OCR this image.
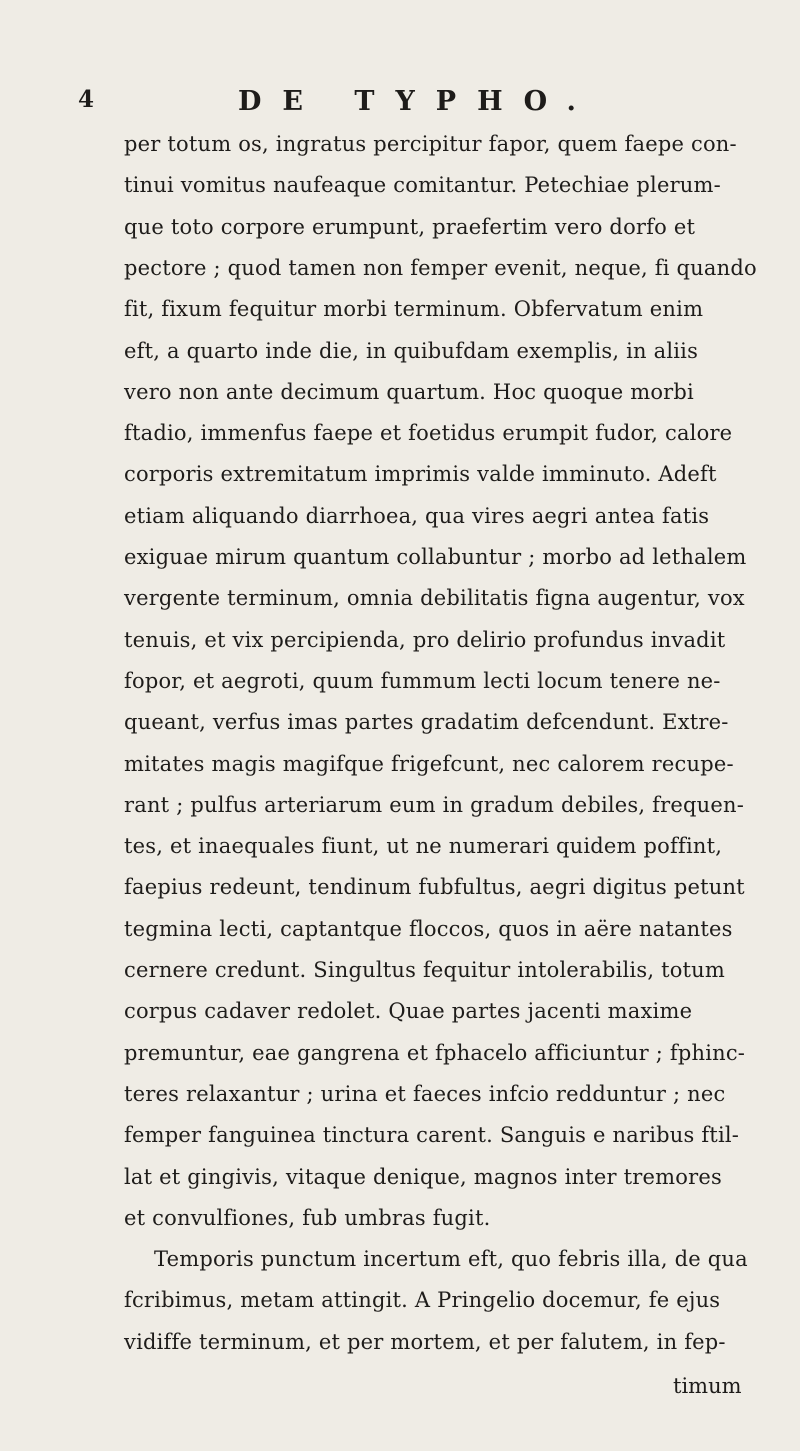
4	DE TYPHO.
per totum os, ingratus percipitur fapor, quem faepe con-
tinui vomitus naufeaque comitantur. Petechiae plerum-
que toto corpore erumpunt, praefertim vero dorfo et
pectore ; quod tamen non femper evenit, neque, fi quando
fit, fixum fequitur morbi terminum. Obfervatum enim
eft, a quarto inde die, in quibufdam exemplis, in aliis
vero non ante decimum quartum. Hoc quoque morbi
ftadio, immenfus faepe et foetidus erumpit fudor, calore
corporis extremitatum imprimis valde imminuto. Adeft
etiam aliquando diarrhoea, qua vires aegri antea fatis
exiguae mirum quantum collabuntur ; morbo ad lethalem
vergente terminum, omnia debilitatis figna augentur, vox
tenuis, et vix percipienda, pro delirio profundus invadit
fopor, et aegroti, quum fummum lecti locum tenere ne-
queant, verfus imas partes gradatim defcendunt. Extre-
mitates magis magifque frigefcunt, nec calorem recupe-
rant ; pulfus arteriarum eum in gradum debiles, frequen-
tes, et inaequales fiunt, ut ne numerari quidem poffint,
faepius redeunt, tendinum fubfultus, aegri digitus petunt
tegmina lecti, captantque floccos, quos in aëre natantes
cernere credunt. Singultus fequitur intolerabilis, totum
corpus cadaver redolet. Quae partes jacenti maxime
premuntur, eae gangrena et fphacelo afficiuntur ; fphinc-
teres relaxantur ; urina et faeces infcio redduntur ; nec
femper fanguinea tinctura carent. Sanguis e naribus ftil-
lat et gingivis, vitaque denique, magnos inter tremores
et convulfiones, fub umbras fugit.
Temporis punctum incertum eft, quo febris illa, de qua
fcribimus, metam attingit. A Pringelio docemur, fe ejus
vidiffe terminum, et per mortem, et per falutem, in fep-
timum
